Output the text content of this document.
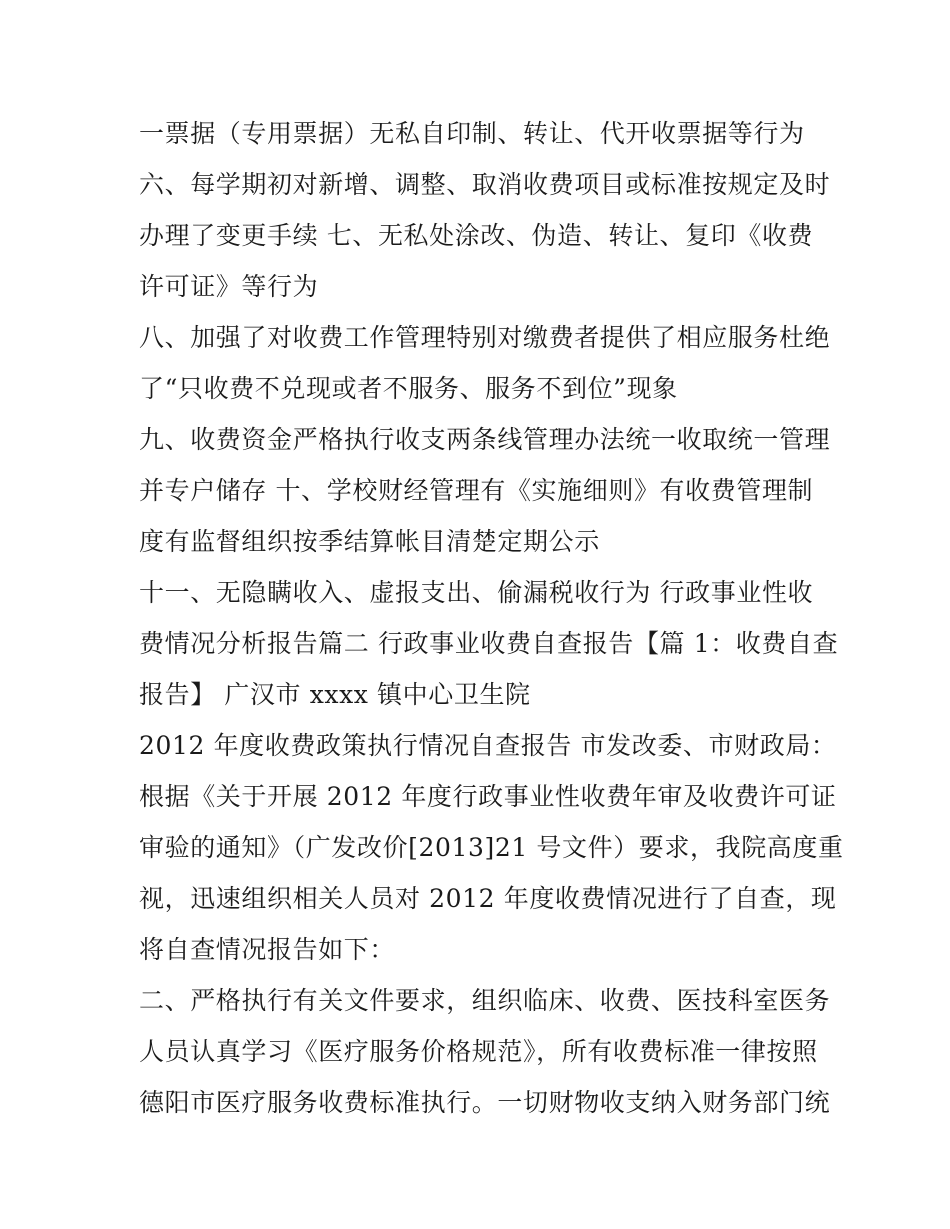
一票据（专用票据）无私自印制、转让、代开收票据等行为
六、每学期初对新增、调整、取消收费项目或标准按规定及时
办理了变更手续 七、无私处涂改、伪造、转让、复印《收费
许可证》等行为
八、加强了对收费工作管理特别对缴费者提供了相应服务杜绝
了“只收费不兑现或者不服务、服务不到位”现象
九、收费资金严格执行收支两条线管理办法统一收取统一管理
并专户储存 十、学校财经管理有《实施细则》有收费管理制
度有监督组织按季结算帐目清楚定期公示
十一、无隐瞒收入、虚报支出、偷漏税收行为 行政事业性收
费情况分析报告篇二 行政事业收费自查报告【篇 1：收费自查
报告】 广汉市 xxxx 镇中心卫生院
2012 年度收费政策执行情况自查报告 市发改委、市财政局：
根据《关于开展 2012 年度行政事业性收费年审及收费许可证
审验的通知》（广发改价[2013]21 号文件）要求，我院高度重
视，迅速组织相关人员对 2012 年度收费情况进行了自查，现
将自查情况报告如下：
二、严格执行有关文件要求，组织临床、收费、医技科室医务
人员认真学习《医疗服务价格规范》，所有收费标准一律按照
德阳市医疗服务收费标准执行。一切财物收支纳入财务部门统
